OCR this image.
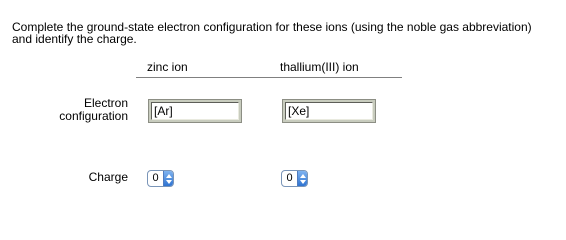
Complete the ground-state electron configuration for these ions (using the noble gas abbreviation)
and identify the charge.
zinc ion	thallium(III) ion
Electron
configuration [Ar]	[Xe]
Charge	0	0
